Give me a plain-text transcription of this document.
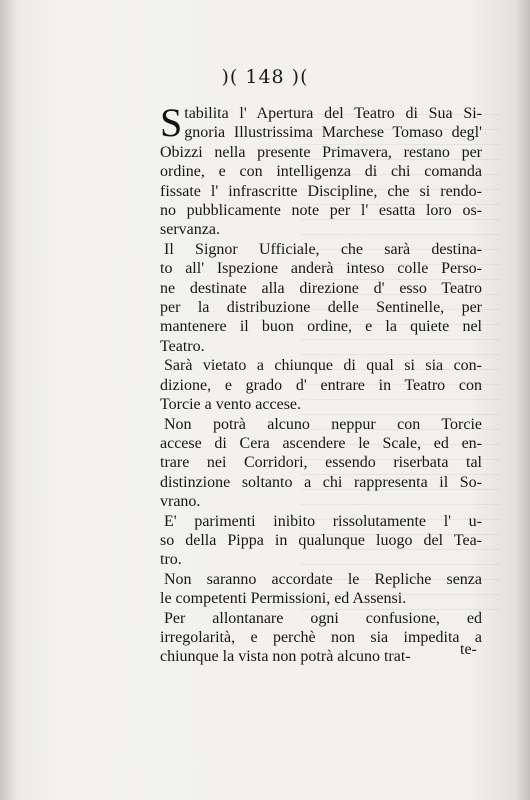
)( 148 )(
S tabilita l' Apertura del Teatro di Sua Si-
gnoria Illustrissima Marchese Tomaso degl'
Obizzi nella presente Primavera, restano per
ordine, e con intelligenza di chi comanda
fissate l' infrascritte Discipline, che si rendo-
no pubblicamente note per l' esatta loro os-
servanza.
Il Signor Ufficiale, che sarà destina-
to all' Ispezione anderà inteso colle Perso-
ne destinate alla direzione d' esso Teatro
per la distribuzione delle Sentinelle, per
mantenere il buon ordine, e la quiete nel
Teatro.
Sarà vietato a chiunque di qual si sia con-
dizione, e grado d' entrare in Teatro con
Torcie a vento accese.
Non potrà alcuno neppur con Torcie
accese di Cera ascendere le Scale, ed en-
trare nei Corridori, essendo riserbata tal
distinzione soltanto a chi rappresenta il So-
vrano.
E' parimenti inibito rissolutamente l' u-
so della Pippa in qualunque luogo del Tea-
tro.
Non saranno accordate le Repliche senza
le competenti Permissioni, ed Assensi.
Per allontanare ogni confusione, ed
irregolarità, e perchè non sia impedita a
chiunque la vista non potrà alcuno trat-	te-
